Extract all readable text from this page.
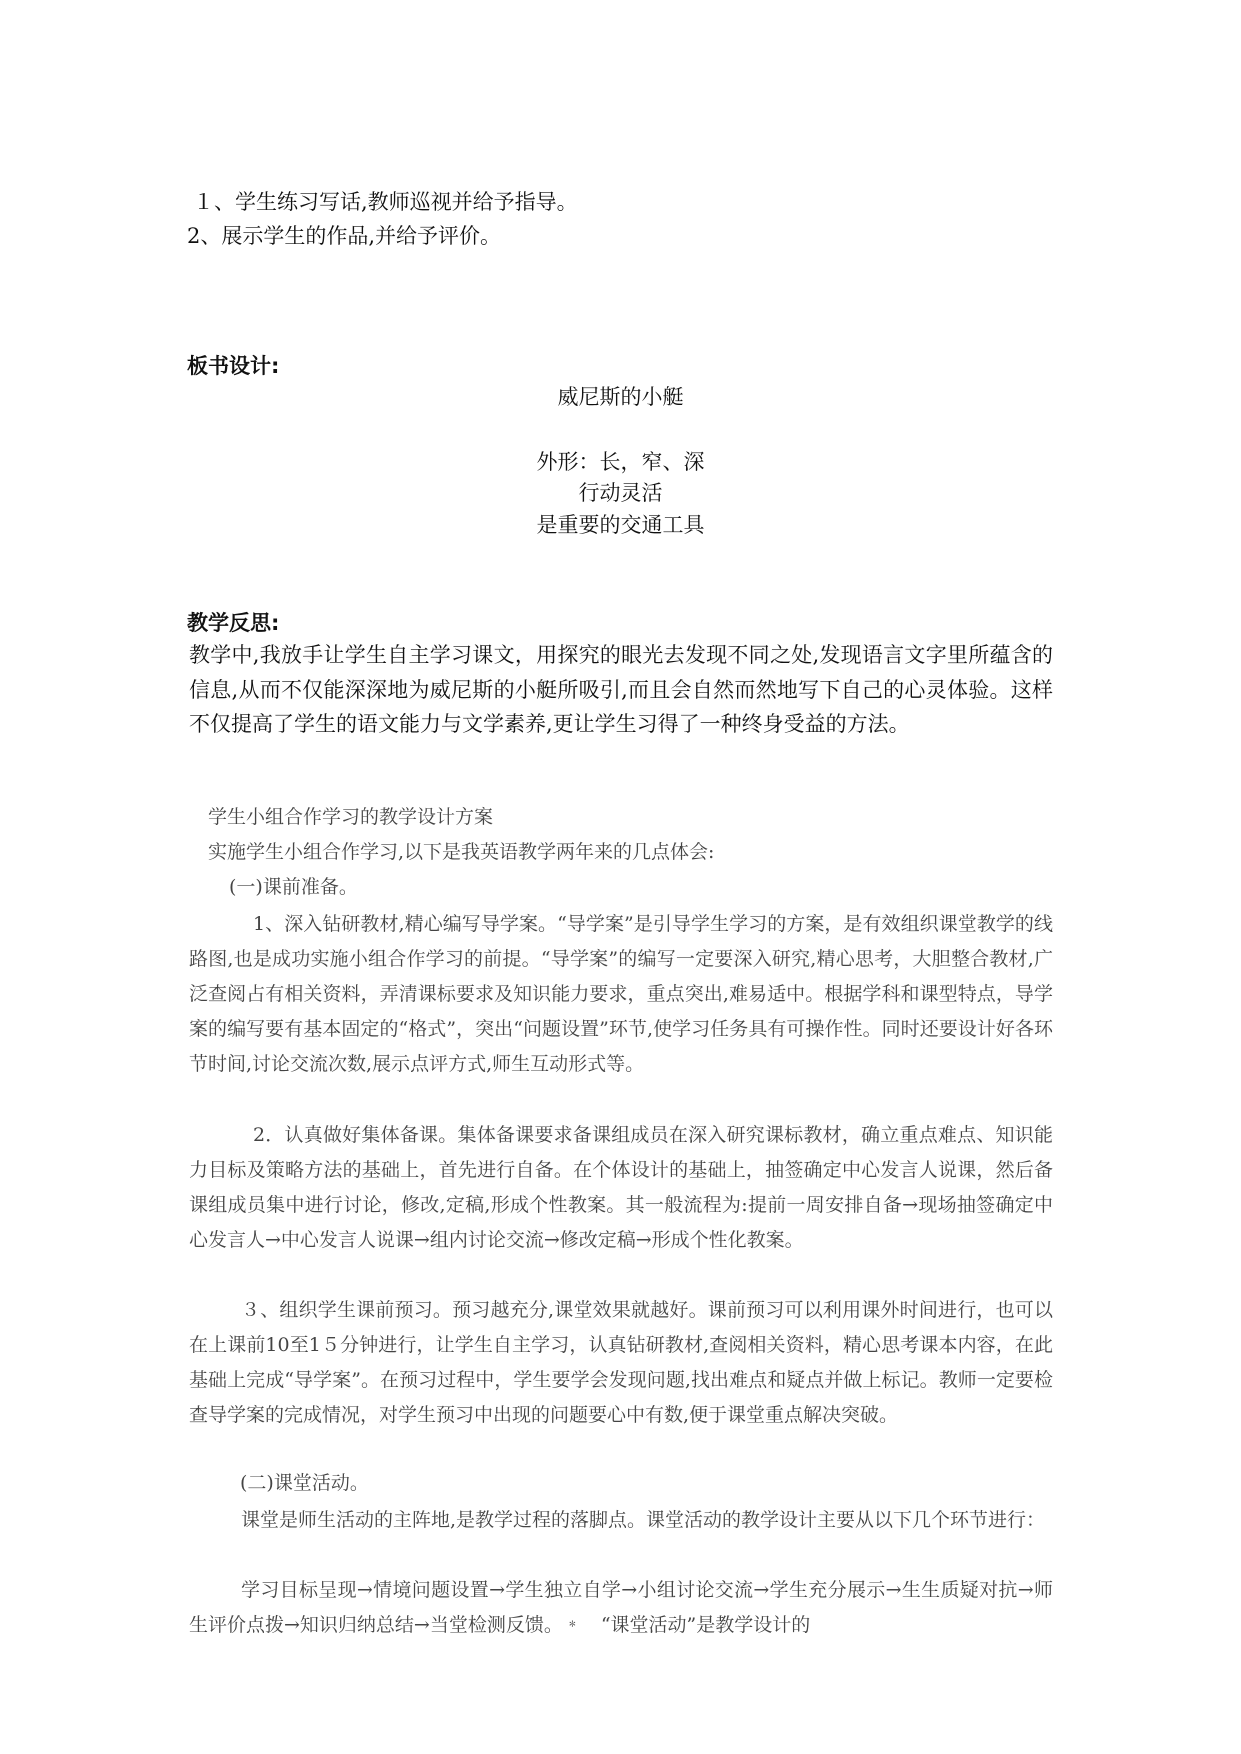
１、学生练习写话,教师巡视并给予指导。
2、展示学生的作品,并给予评价。
板书设计:
威尼斯的小艇
外形：长，窄、深
行动灵活
是重要的交通工具
教学反思:
教学中,我放手让学生自主学习课文，用探究的眼光去发现不同之处,发现语言文字里所蕴含的信息,从而不仅能深深地为威尼斯的小艇所吸引,而且会自然而然地写下自己的心灵体验。这样不仅提高了学生的语文能力与文学素养,更让学生习得了一种终身受益的方法。
学生小组合作学习的教学设计方案
实施学生小组合作学习,以下是我英语教学两年来的几点体会:
(一)课前准备。
1、深入钻研教材,精心编写导学案。“导学案”是引导学生学习的方案，是有效组织课堂教学的线路图,也是成功实施小组合作学习的前提。“导学案”的编写一定要深入研究,精心思考，大胆整合教材,广泛查阅占有相关资料，弄清课标要求及知识能力要求，重点突出,难易适中。根据学科和课型特点，导学案的编写要有基本固定的“格式”，突出“问题设置”环节,使学习任务具有可操作性。同时还要设计好各环节时间,讨论交流次数,展示点评方式,师生互动形式等。
2．认真做好集体备课。集体备课要求备课组成员在深入研究课标教材，确立重点难点、知识能力目标及策略方法的基础上，首先进行自备。在个体设计的基础上，抽签确定中心发言人说课，然后备课组成员集中进行讨论，修改,定稿,形成个性教案。其一般流程为:提前一周安排自备→现场抽签确定中心发言人→中心发言人说课→组内讨论交流→修改定稿→形成个性化教案。
３、组织学生课前预习。预习越充分,课堂效果就越好。课前预习可以利用课外时间进行，也可以在上课前10至1５分钟进行，让学生自主学习，认真钻研教材,查阅相关资料，精心思考课本内容，在此基础上完成“导学案”。在预习过程中，学生要学会发现问题,找出难点和疑点并做上标记。教师一定要检查导学案的完成情况，对学生预习中出现的问题要心中有数,便于课堂重点解决突破。
(二)课堂活动。
课堂是师生活动的主阵地,是教学过程的落脚点。课堂活动的教学设计主要从以下几个环节进行：
学习目标呈现→情境问题设置→学生独立自学→小组讨论交流→学生充分展示→生生质疑对抗→师生评价点拨→知识归纳总结→当堂检测反馈。﹡　“课堂活动”是教学设计的
